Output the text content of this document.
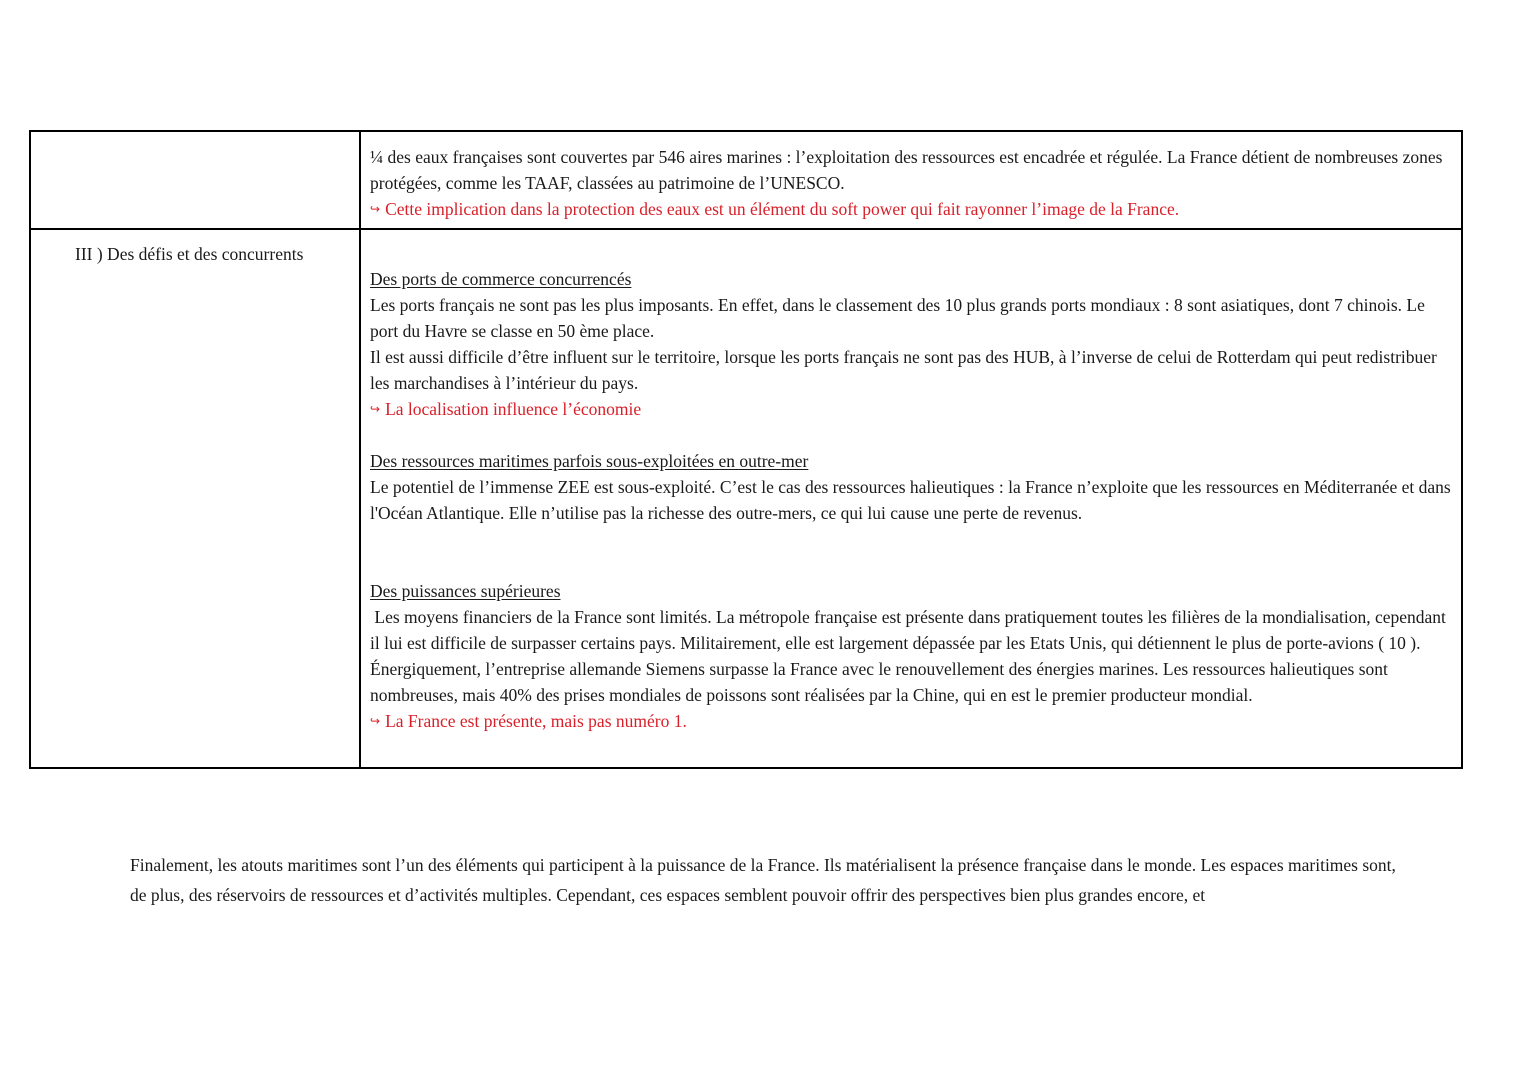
¼ des eaux françaises sont couvertes par 546 aires marines : l’exploitation des ressources est encadrée et régulée. La France détient de nombreuses zones protégées, comme les TAAF, classées au patrimoine de l’UNESCO.

↪ Cette implication dans la protection des eaux est un élément du soft power qui fait rayonner l’image de la France.

III ) Des défis et des concurrents

Des ports de commerce concurrencés

Les ports français ne sont pas les plus imposants. En effet, dans le classement des 10 plus grands ports mondiaux : 8 sont asiatiques, dont 7 chinois. Le port du Havre se classe en 50 ème place.

Il est aussi difficile d’être influent sur le territoire, lorsque les ports français ne sont pas des HUB, à l’inverse de celui de Rotterdam qui peut redistribuer les marchandises à l’intérieur du pays.

↪ La localisation influence l’économie

Des ressources maritimes parfois sous-exploitées en outre-mer

Le potentiel de l’immense ZEE est sous-exploité. C’est le cas des ressources halieutiques : la France n’exploite que les ressources en Méditerranée et dans l'Océan Atlantique. Elle n’utilise pas la richesse des outre-mers, ce qui lui cause une perte de revenus.

Des puissances supérieures

Les moyens financiers de la France sont limités. La métropole française est présente dans pratiquement toutes les filières de la mondialisation, cependant il lui est difficile de surpasser certains pays. Militairement, elle est largement dépassée par les Etats Unis, qui détiennent le plus de porte-avions ( 10 ). Énergiquement, l’entreprise allemande Siemens surpasse la France avec le renouvellement des énergies marines. Les ressources halieutiques sont nombreuses, mais 40% des prises mondiales de poissons sont réalisées par la Chine, qui en est le premier producteur mondial.

↪ La France est présente, mais pas numéro 1.

Finalement, les atouts maritimes sont l’un des éléments qui participent à la puissance de la France. Ils matérialisent la présence française dans le monde. Les espaces maritimes sont, de plus, des réservoirs de ressources et d’activités multiples. Cependant, ces espaces semblent pouvoir offrir des perspectives bien plus grandes encore, et
